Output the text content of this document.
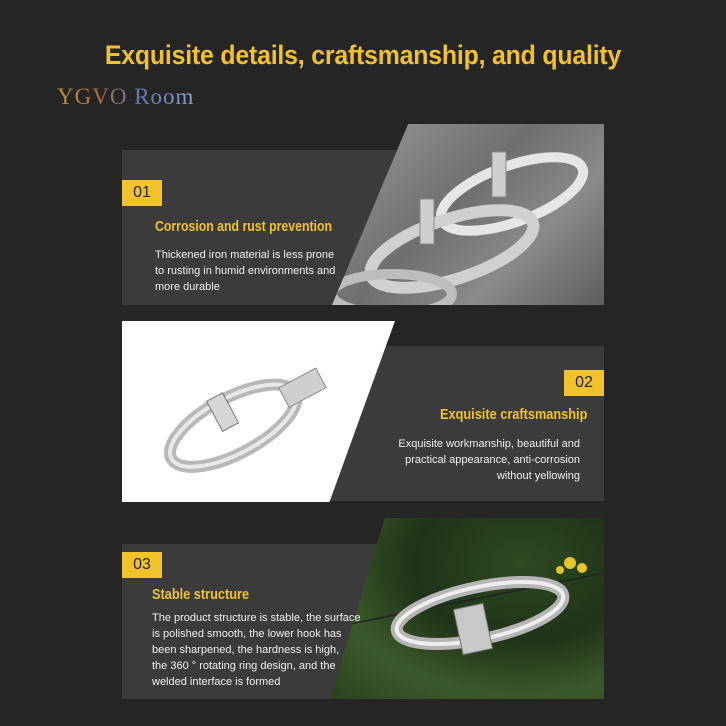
Exquisite details, craftsmanship, and quality
YGVO Room
01
Corrosion and rust prevention
Thickened iron material is less prone
to rusting in humid environments and
more durable
02
Exquisite craftsmanship
Exquisite workmanship, beautiful and
practical appearance, anti-corrosion
without yellowing
03
Stable structure
The product structure is stable, the surface
is polished smooth, the lower hook has
been sharpened, the hardness is high,
the 360 ° rotating ring design, and the
welded interface is formed
